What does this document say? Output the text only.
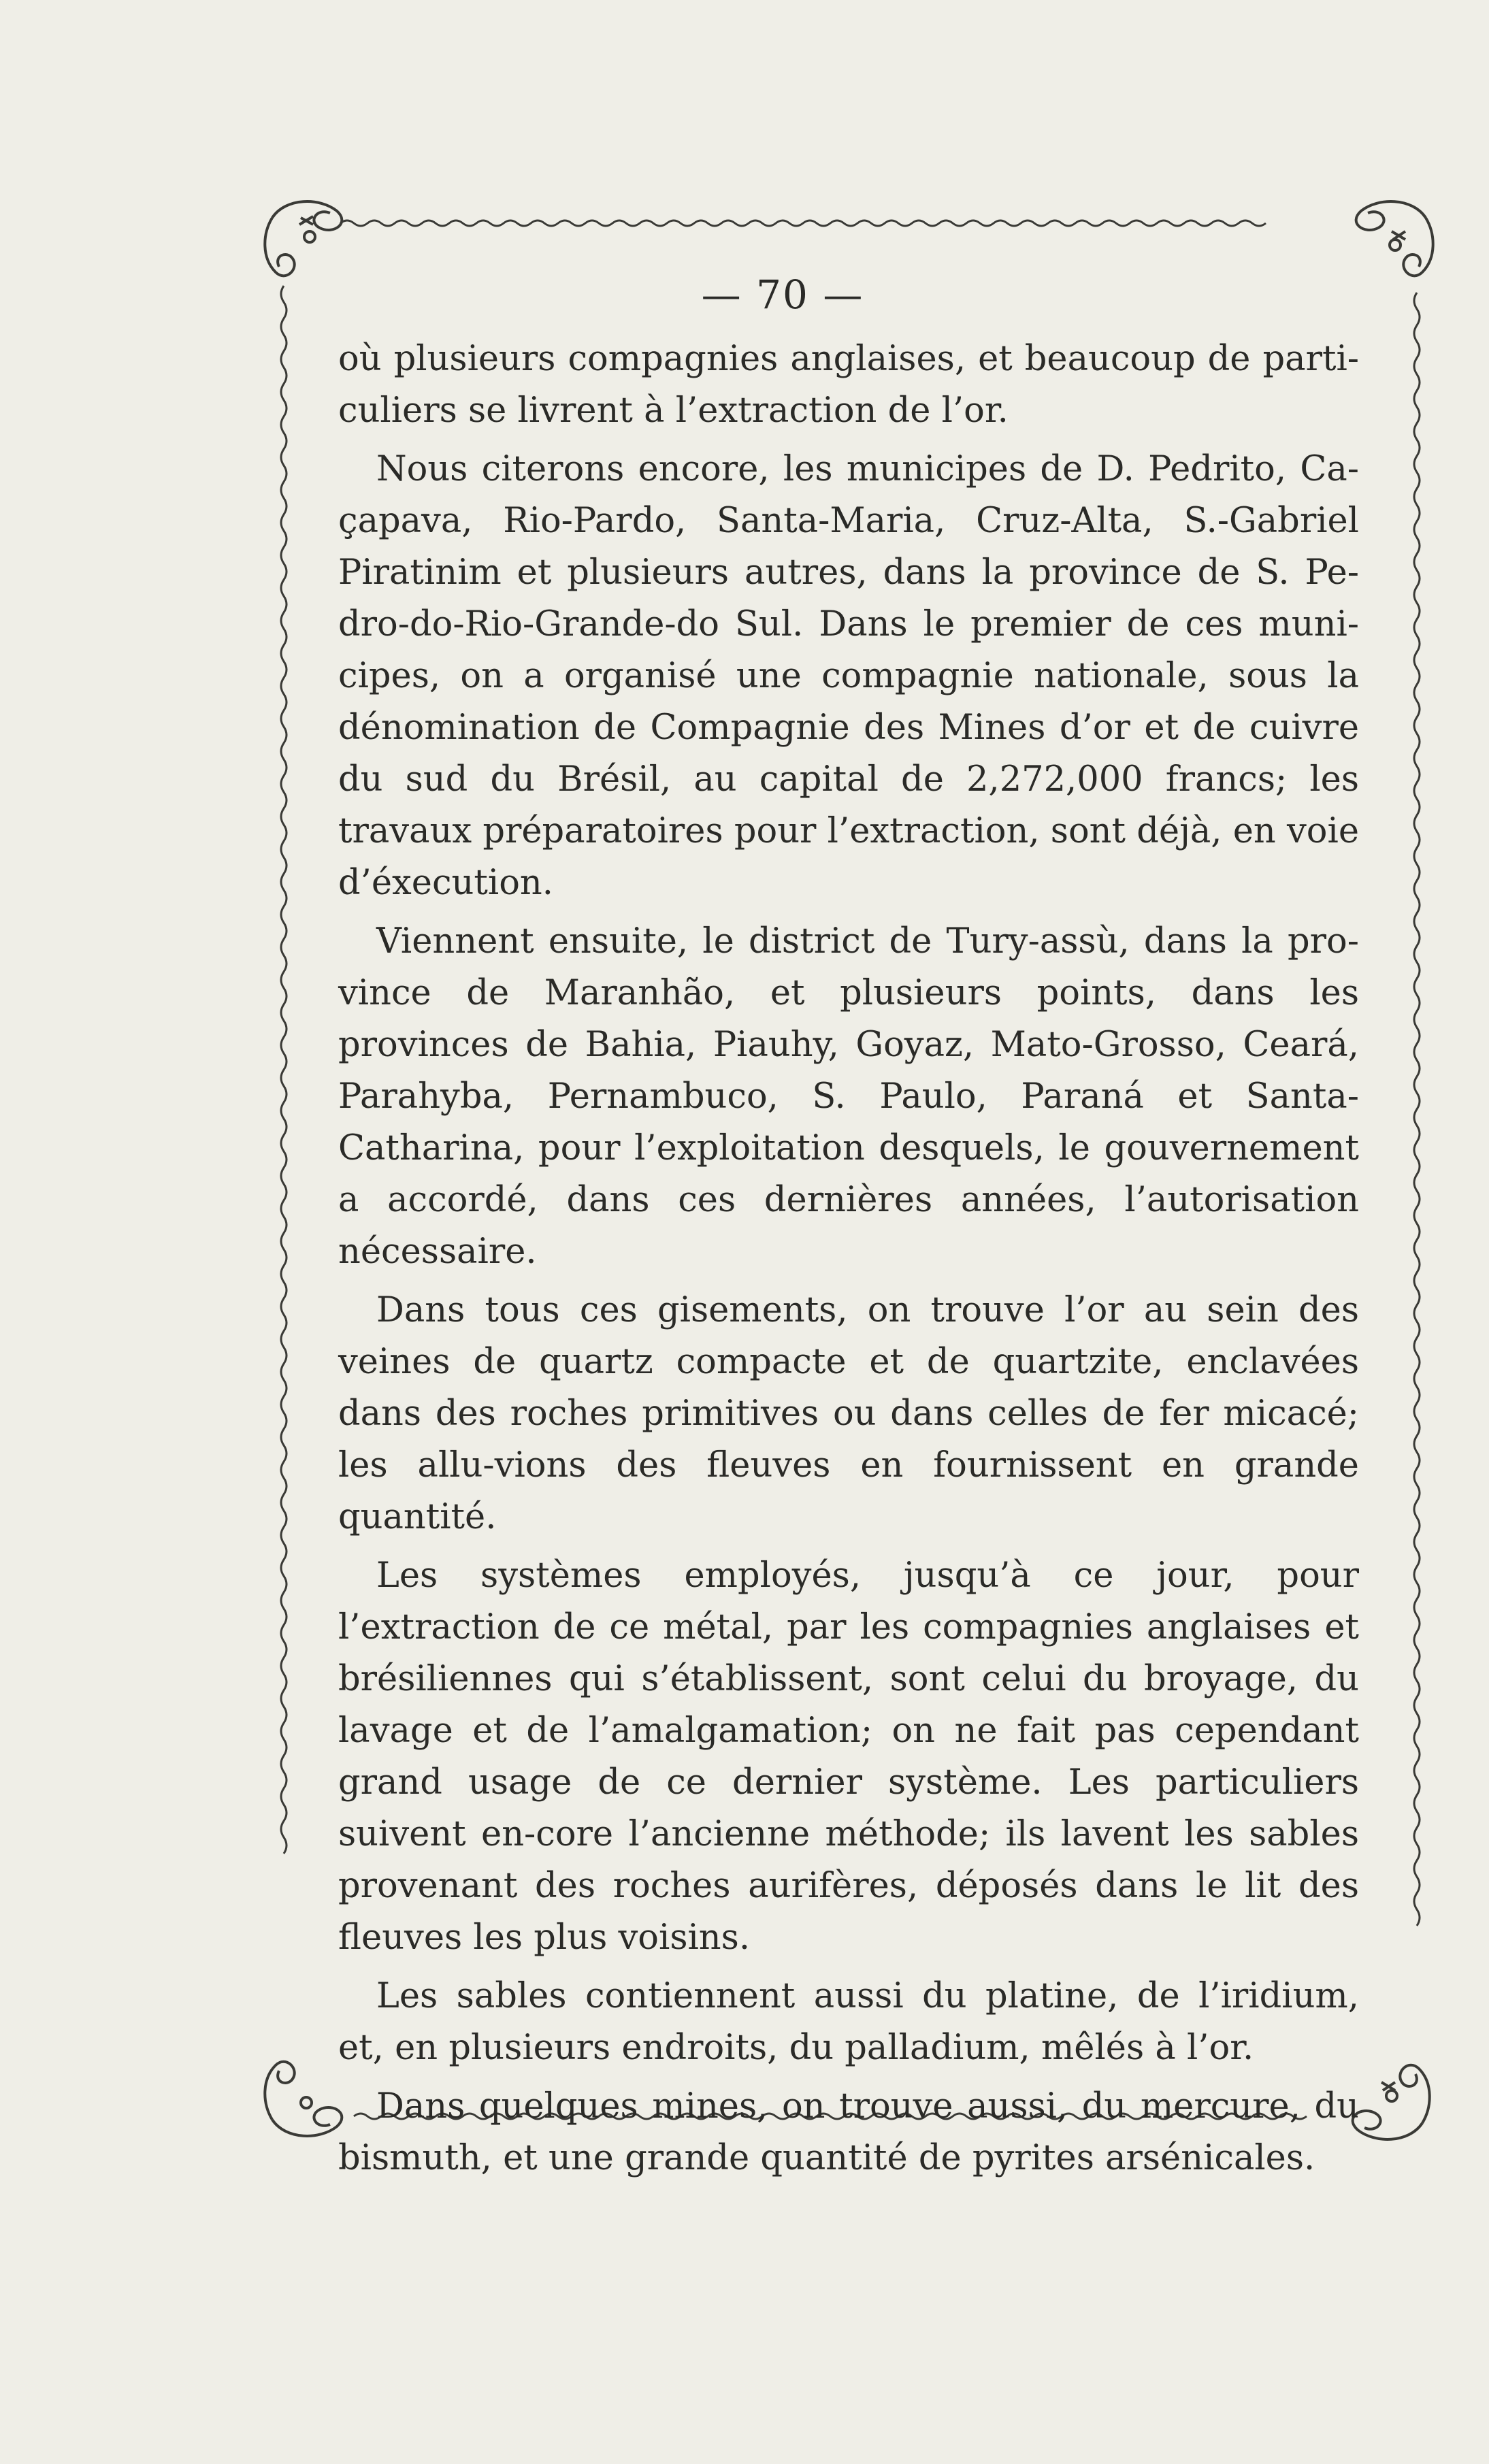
— 70 —

où plusieurs compagnies anglaises, et beaucoup de parti-culiers se livrent à l’extraction de l’or.

Nous citerons encore, les municipes de D. Pedrito, Ca-çapava, Rio-Pardo, Santa-Maria, Cruz-Alta, S.-Gabriel Piratinim et plusieurs autres, dans la province de S. Pe-dro-do-Rio-Grande-do Sul. Dans le premier de ces muni-cipes, on a organisé une compagnie nationale, sous la dénomination de Compagnie des Mines d’or et de cuivre du sud du Brésil, au capital de 2,272,000 francs; les travaux préparatoires pour l’extraction, sont déjà, en voie d’éxecution.

Viennent ensuite, le district de Tury-assù, dans la pro-vince de Maranhão, et plusieurs points, dans les provinces de Bahia, Piauhy, Goyaz, Mato-Grosso, Ceará, Parahyba, Pernambuco, S. Paulo, Paraná et Santa-Catharina, pour l’exploitation desquels, le gouvernement a accordé, dans ces dernières années, l’autorisation nécessaire.

Dans tous ces gisements, on trouve l’or au sein des veines de quartz compacte et de quartzite, enclavées dans des roches primitives ou dans celles de fer micacé; les allu-vions des fleuves en fournissent en grande quantité.

Les systèmes employés, jusqu’à ce jour, pour l’extraction de ce métal, par les compagnies anglaises et brésiliennes qui s’établissent, sont celui du broyage, du lavage et de l’amalgamation; on ne fait pas cependant grand usage de ce dernier système. Les particuliers suivent en-core l’ancienne méthode; ils lavent les sables provenant des roches aurifères, déposés dans le lit des fleuves les plus voisins.

Les sables contiennent aussi du platine, de l’iridium, et, en plusieurs endroits, du palladium, mêlés à l’or.

Dans quelques mines, on trouve aussi, du mercure, du bismuth, et une grande quantité de pyrites arsénicales.
